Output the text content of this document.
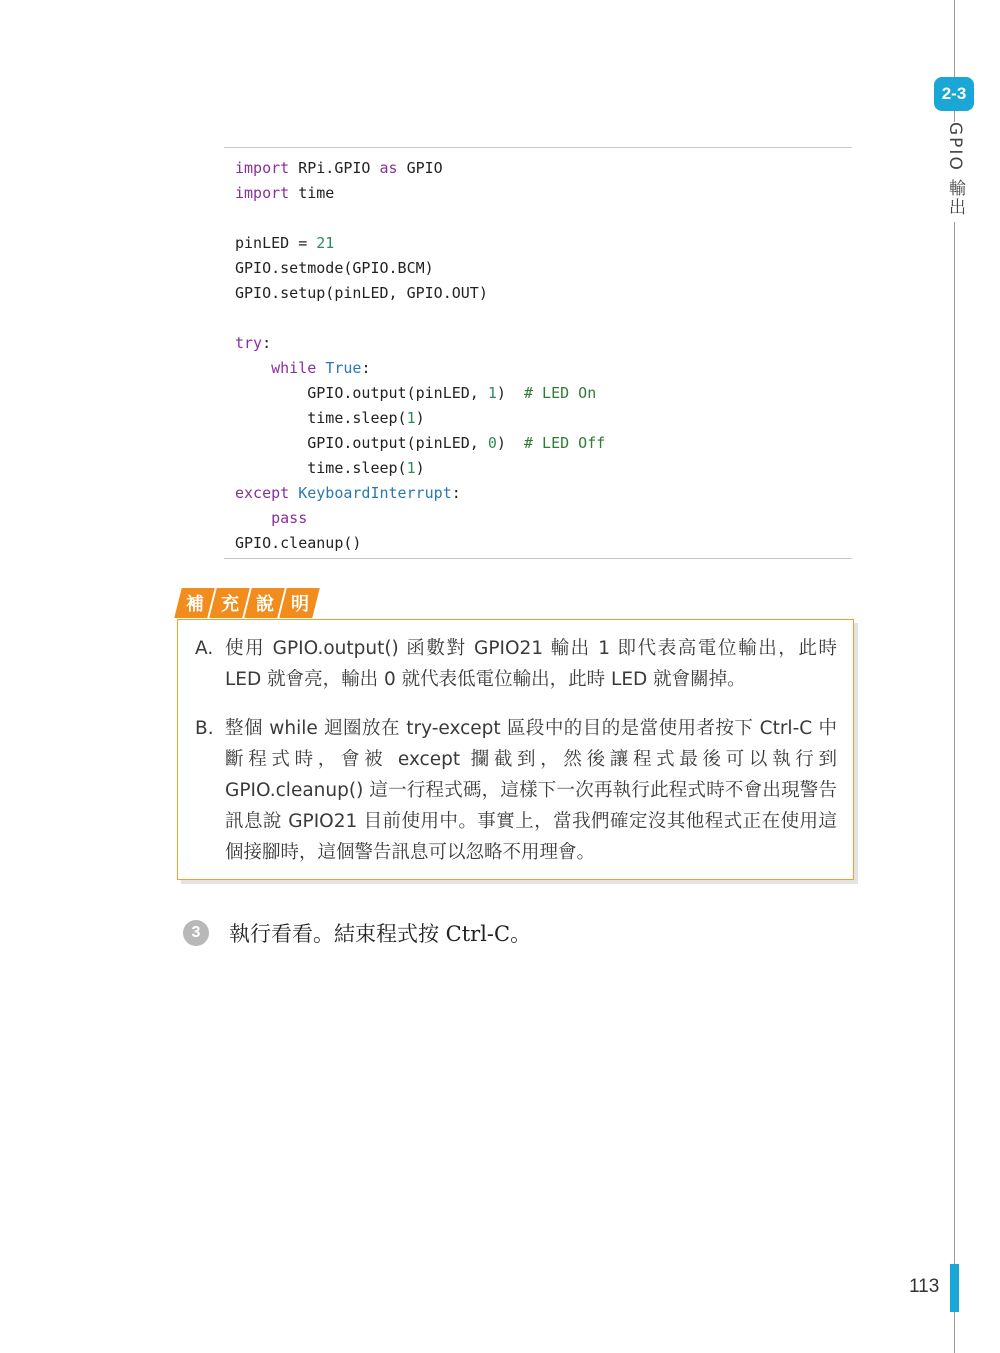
2-3
GPIO 輸出
import RPi.GPIO as GPIO
import time

pinLED = 21
GPIO.setmode(GPIO.BCM)
GPIO.setup(pinLED, GPIO.OUT)

try:
while True:
GPIO.output(pinLED, 1)  # LED On
time.sleep(1)
GPIO.output(pinLED, 0)  # LED Off
time.sleep(1)
except KeyboardInterrupt:
pass
GPIO.cleanup()
補 充 說 明
A. 使用 GPIO.output() 函數對 GPIO21 輸出 1 即代表高電位輸出，此時 LED 就會亮，輸出 0 就代表低電位輸出，此時 LED 就會關掉。
B. 整個 while 迴圈放在 try-except 區段中的目的是當使用者按下 Ctrl-C 中斷程式時，會被 except 攔截到，然後讓程式最後可以執行到 GPIO.cleanup() 這一行程式碼，這樣下一次再執行此程式時不會出現警告訊息說 GPIO21 目前使用中。事實上，當我們確定沒其他程式正在使用這個接腳時，這個警告訊息可以忽略不用理會。
3	執行看看。結束程式按 Ctrl-C。
113
